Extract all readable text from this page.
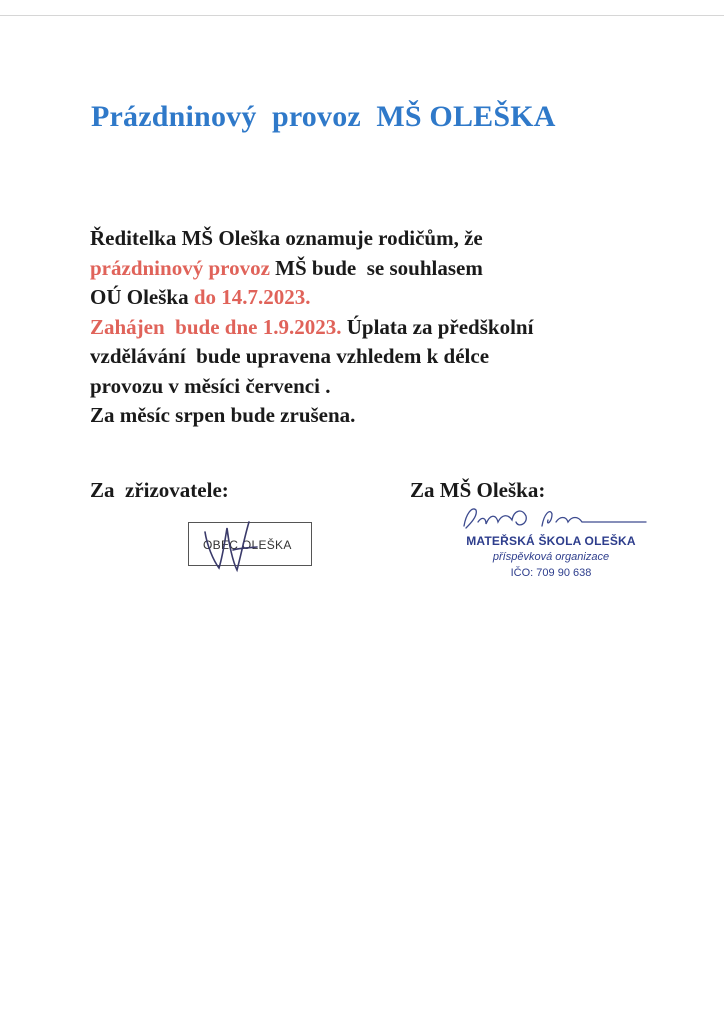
Prázdninový  provoz  MŠ OLEŠKA
Ředitelka MŠ Oleška oznamuje rodičům, že
prázdninový provoz MŠ bude  se souhlasem
OÚ Oleška do 14.7.2023.
Zahájen  bude dne 1.9.2023. Úplata za předškolní
vzdělávání  bude upravena vzhledem k délce
provozu v měsíci červenci .
Za měsíc srpen bude zrušena.
Za  zřizovatele:	Za MŠ Oleška:
OBEC OLEŠKA	MATEŘSKÁ ŠKOLA OLEŠKA
příspěvková organizace
IČO: 709 90 638
